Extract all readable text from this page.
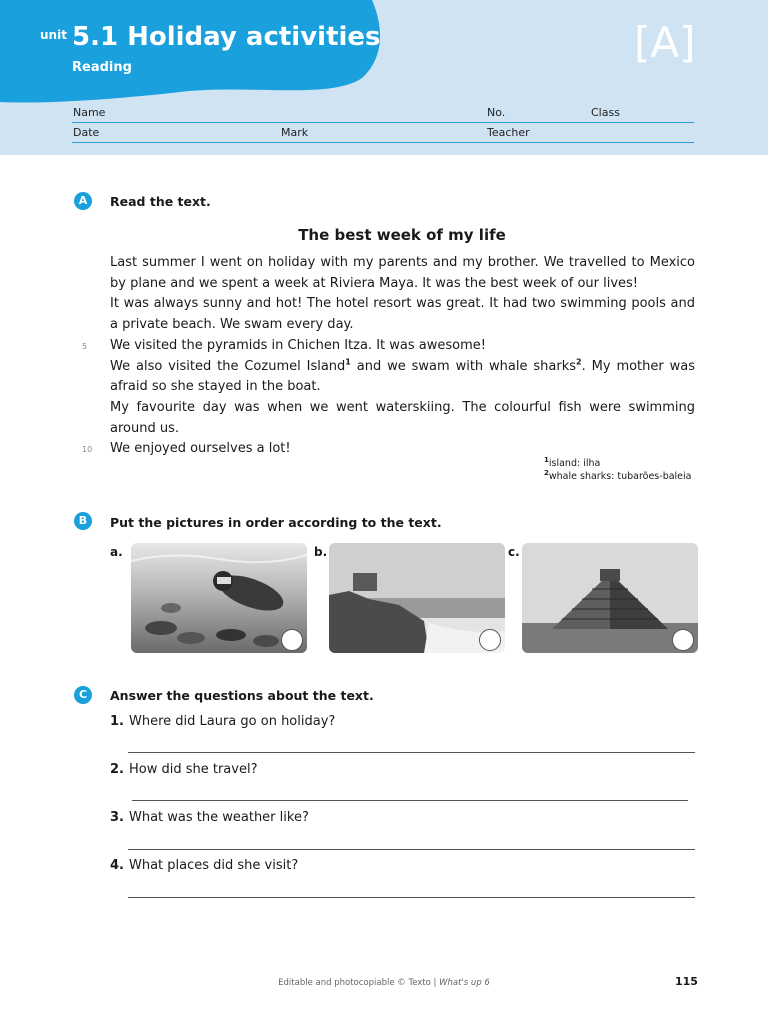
unit 5.1 Holiday activities
Reading
[A]
Name	No.	Class
Date	Mark	Teacher
A	Read the text.
The best week of my life

Last summer I went on holiday with my parents and my brother. We travelled to Mexico by plane and we spent a week at Riviera Maya. It was the best week of our lives!

It was always sunny and hot! The hotel resort was great. It had two swimming pools and a private beach. We swam every day.

We visited the pyramids in Chichen Itza. It was awesome!

We also visited the Cozumel Island$^1$ and we swam with whale sharks$^2$. My mother was afraid so she stayed in the boat.

My favourite day was when we went waterskiing. The colourful fish were swimming around us.

We enjoyed ourselves a lot!

5
10
$^1$island: ilha
$^2$whale sharks: tubarões-baleia
B	Put the pictures in order according to the text.
a.	b.	c.
C	Answer the questions about the text.
1. Where did Laura go on holiday?
2. How did she travel?
3. What was the weather like?
4. What places did she visit?
Editable and photocopiable © Texto | What's up 6	115
